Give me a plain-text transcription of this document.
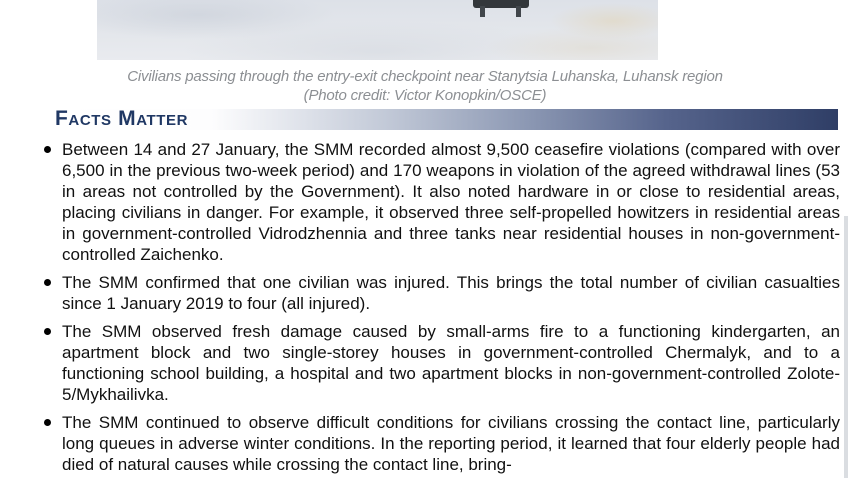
Civilians passing through the entry-exit checkpoint near Stanytsia Luhanska, Luhansk region
(Photo credit: Victor Konopkin/OSCE)
Facts Matter
Between 14 and 27 January, the SMM recorded almost 9,500 ceasefire violations (compared with over 6,500 in the previous two-week period) and 170 weapons in violation of the agreed withdrawal lines (53 in areas not controlled by the Government). It also noted hardware in or close to residential areas, placing civilians in danger. For example, it observed three self-propelled howitzers in residential areas in government-controlled Vidrodzhennia and three tanks near residential houses in non-government-controlled Zaichenko.
The SMM confirmed that one civilian was injured. This brings the total number of civilian casualties since 1 January 2019 to four (all injured).
The SMM observed fresh damage caused by small-arms fire to a functioning kindergarten, an apartment block and two single-storey houses in government-controlled Chermalyk, and to a functioning school building, a hospital and two apartment blocks in non-government-controlled Zolote-5/Mykhailivka.
The SMM continued to observe difficult conditions for civilians crossing the contact line, particularly long queues in adverse winter conditions. In the reporting period, it learned that four elderly people had died of natural causes while crossing the contact line, bring-
